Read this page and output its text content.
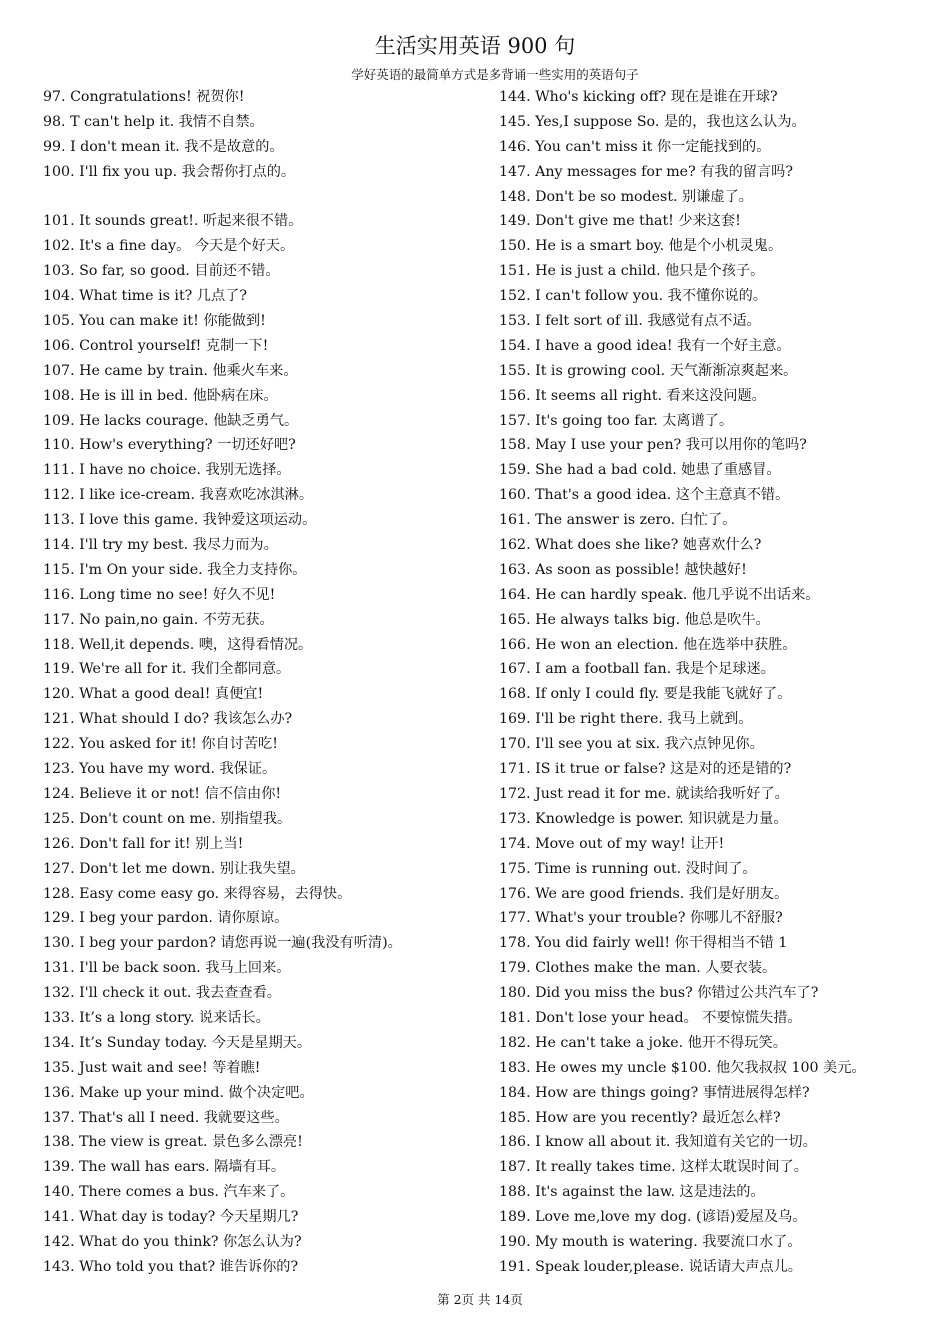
生活实用英语 900 句
学好英语的最简单方式是多背诵一些实用的英语句子
97. Congratulations! 祝贺你!
98. T can't help it. 我情不自禁。
99. I don't mean it. 我不是故意的。
100. I'll fix you up. 我会帮你打点的。
101. It sounds great!. 听起来很不错。
102. It's a fine day。 今天是个好天。
103. So far, so good. 目前还不错。
104. What time is it? 几点了?
105. You can make it! 你能做到!
106. Control yourself! 克制一下!
107. He came by train. 他乘火车来。
108. He is ill in bed. 他卧病在床。
109. He lacks courage. 他缺乏勇气。
110. How's everything? 一切还好吧?
111. I have no choice. 我别无选择。
112. I like ice-cream. 我喜欢吃冰淇淋。
113. I love this game. 我钟爱这项运动。
114. I'll try my best. 我尽力而为。
115. I'm On your side. 我全力支持你。
116. Long time no see! 好久不见!
117. No pain,no gain. 不劳无获。
118. Well,it depends. 噢，这得看情况。
119. We're all for it. 我们全都同意。
120. What a good deal! 真便宜!
121. What should I do? 我该怎么办?
122. You asked for it! 你自讨苦吃!
123. You have my word. 我保证。
124. Believe it or not! 信不信由你!
125. Don't count on me. 别指望我。
126. Don't fall for it! 别上当!
127. Don't let me down. 别让我失望。
128. Easy come easy go. 来得容易，去得快。
129. I beg your pardon. 请你原谅。
130. I beg your pardon? 请您再说一遍(我没有听清)。
131. I'll be back soon. 我马上回来。
132. I'll check it out. 我去查查看。
133. It’s a long story. 说来话长。
134. It’s Sunday today. 今天是星期天。
135. Just wait and see! 等着瞧!
136. Make up your mind. 做个决定吧。
137. That's all I need. 我就要这些。
138. The view is great. 景色多么漂亮!
139. The wall has ears. 隔墙有耳。
140. There comes a bus. 汽车来了。
141. What day is today? 今天星期几?
142. What do you think? 你怎么认为?
143. Who told you that? 谁告诉你的?
144. Who's kicking off? 现在是谁在开球?
145. Yes,I suppose So. 是的，我也这么认为。
146. You can't miss it 你一定能找到的。
147. Any messages for me? 有我的留言吗?
148. Don't be so modest. 别谦虚了。
149. Don't give me that! 少来这套!
150. He is a smart boy. 他是个小机灵鬼。
151. He is just a child. 他只是个孩子。
152. I can't follow you. 我不懂你说的。
153. I felt sort of ill. 我感觉有点不适。
154. I have a good idea! 我有一个好主意。
155. It is growing cool. 天气渐渐凉爽起来。
156. It seems all right. 看来这没问题。
157. It's going too far. 太离谱了。
158. May I use your pen? 我可以用你的笔吗?
159. She had a bad cold. 她患了重感冒。
160. That's a good idea. 这个主意真不错。
161. The answer is zero. 白忙了。
162. What does she like? 她喜欢什么?
163. As soon as possible! 越快越好!
164. He can hardly speak. 他几乎说不出话来。
165. He always talks big. 他总是吹牛。
166. He won an election. 他在选举中获胜。
167. I am a football fan. 我是个足球迷。
168. If only I could fly. 要是我能飞就好了。
169. I'll be right there. 我马上就到。
170. I'll see you at six. 我六点钟见你。
171. IS it true or false? 这是对的还是错的?
172. Just read it for me. 就读给我听好了。
173. Knowledge is power. 知识就是力量。
174. Move out of my way! 让开!
175. Time is running out. 没时间了。
176. We are good friends. 我们是好朋友。
177. What's your trouble? 你哪儿不舒服?
178. You did fairly well! 你干得相当不错 1
179. Clothes make the man. 人要衣装。
180. Did you miss the bus? 你错过公共汽车了?
181. Don't lose your head。 不要惊慌失措。
182. He can't take a joke. 他开不得玩笑。
183. He owes my uncle $100. 他欠我叔叔 100 美元。
184. How are things going? 事情进展得怎样?
185. How are you recently? 最近怎么样?
186. I know all about it. 我知道有关它的一切。
187. It really takes time. 这样太耽误时间了。
188. It's against the law. 这是违法的。
189. Love me,love my dog. (谚语)爱屋及乌。
190. My mouth is watering. 我要流口水了。
191. Speak louder,please. 说话请大声点儿。
第 2页 共 14页
